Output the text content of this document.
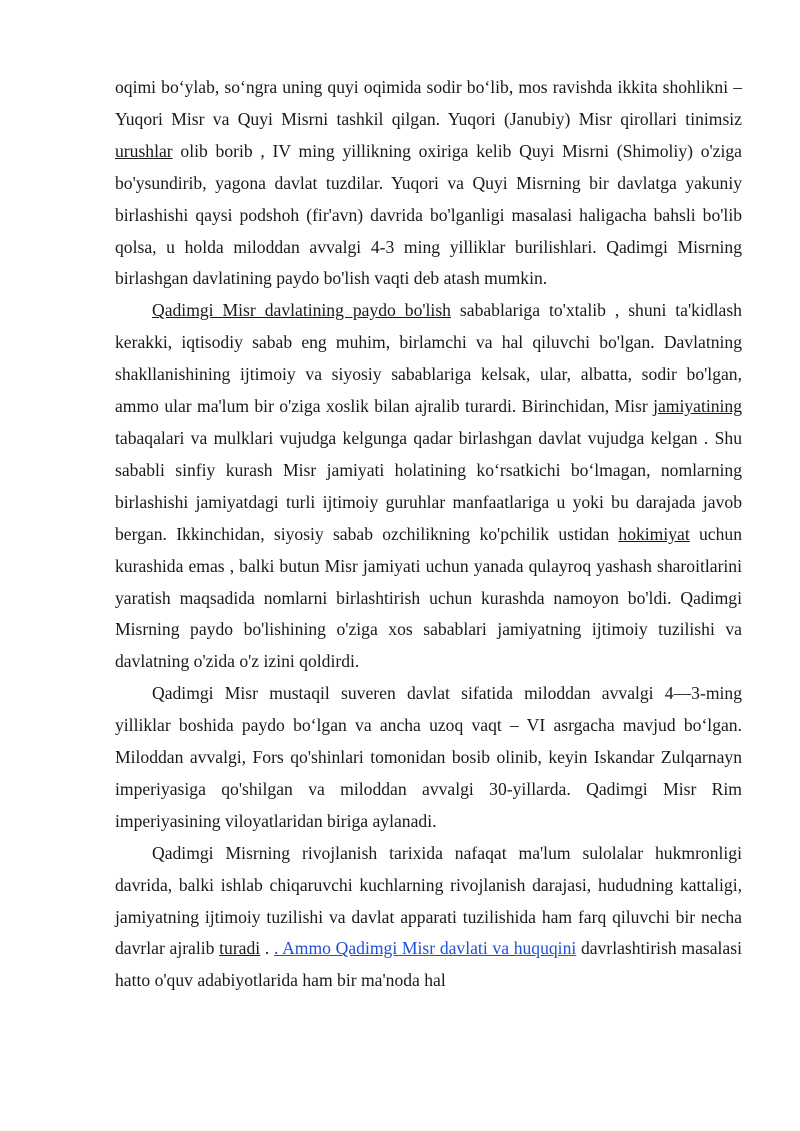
oqimi bo‘ylab, so‘ngra uning quyi oqimida sodir bo‘lib, mos ravishda ikkita shohlikni – Yuqori Misr va Quyi Misrni tashkil qilgan. Yuqori (Janubiy) Misr qirollari tinimsiz urushlar olib borib , IV ming yillikning oxiriga kelib Quyi Misrni (Shimoliy) o'ziga bo'ysundirib, yagona davlat tuzdilar. Yuqori va Quyi Misrning bir davlatga yakuniy birlashishi qaysi podshoh (fir'avn) davrida bo'lganligi masalasi haligacha bahsli bo'lib qolsa, u holda miloddan avvalgi 4-3 ming yilliklar burilishlari. Qadimgi Misrning birlashgan davlatining paydo bo'lish vaqti deb atash mumkin.

Qadimgi Misr davlatining paydo bo'lish sabablariga to'xtalib , shuni ta'kidlash kerakki, iqtisodiy sabab eng muhim, birlamchi va hal qiluvchi bo'lgan. Davlatning shakllanishining ijtimoiy va siyosiy sabablariga kelsak, ular, albatta, sodir bo'lgan, ammo ular ma'lum bir o'ziga xoslik bilan ajralib turardi. Birinchidan, Misr jamiyatining tabaqalari va mulklari vujudga kelgunga qadar birlashgan davlat vujudga kelgan . Shu sababli sinfiy kurash Misr jamiyati holatining ko‘rsatkichi bo‘lmagan, nomlarning birlashishi jamiyatdagi turli ijtimoiy guruhlar manfaatlariga u yoki bu darajada javob bergan. Ikkinchidan, siyosiy sabab ozchilikning ko'pchilik ustidan hokimiyat uchun kurashida emas , balki butun Misr jamiyati uchun yanada qulayroq yashash sharoitlarini yaratish maqsadida nomlarni birlashtirish uchun kurashda namoyon bo'ldi. Qadimgi Misrning paydo bo'lishining o'ziga xos sabablari jamiyatning ijtimoiy tuzilishi va davlatning o'zida o'z izini qoldirdi.

Qadimgi Misr mustaqil suveren davlat sifatida miloddan avvalgi 4—3-ming yilliklar boshida paydo bo‘lgan va ancha uzoq vaqt – VI asrgacha mavjud bo‘lgan. Miloddan avvalgi, Fors qo'shinlari tomonidan bosib olinib, keyin Iskandar Zulqarnayn imperiyasiga qo'shilgan va miloddan avvalgi 30-yillarda. Qadimgi Misr Rim imperiyasining viloyatlaridan biriga aylanadi.

Qadimgi Misrning rivojlanish tarixida nafaqat ma'lum sulolalar hukmronligi davrida, balki ishlab chiqaruvchi kuchlarning rivojlanish darajasi, hududning kattaligi, jamiyatning ijtimoiy tuzilishi va davlat apparati tuzilishida ham farq qiluvchi bir necha davrlar ajralib turadi . . Ammo Qadimgi Misr davlati va huquqini davrlashtirish masalasi hatto o'quv adabiyotlarida ham bir ma'noda hal
